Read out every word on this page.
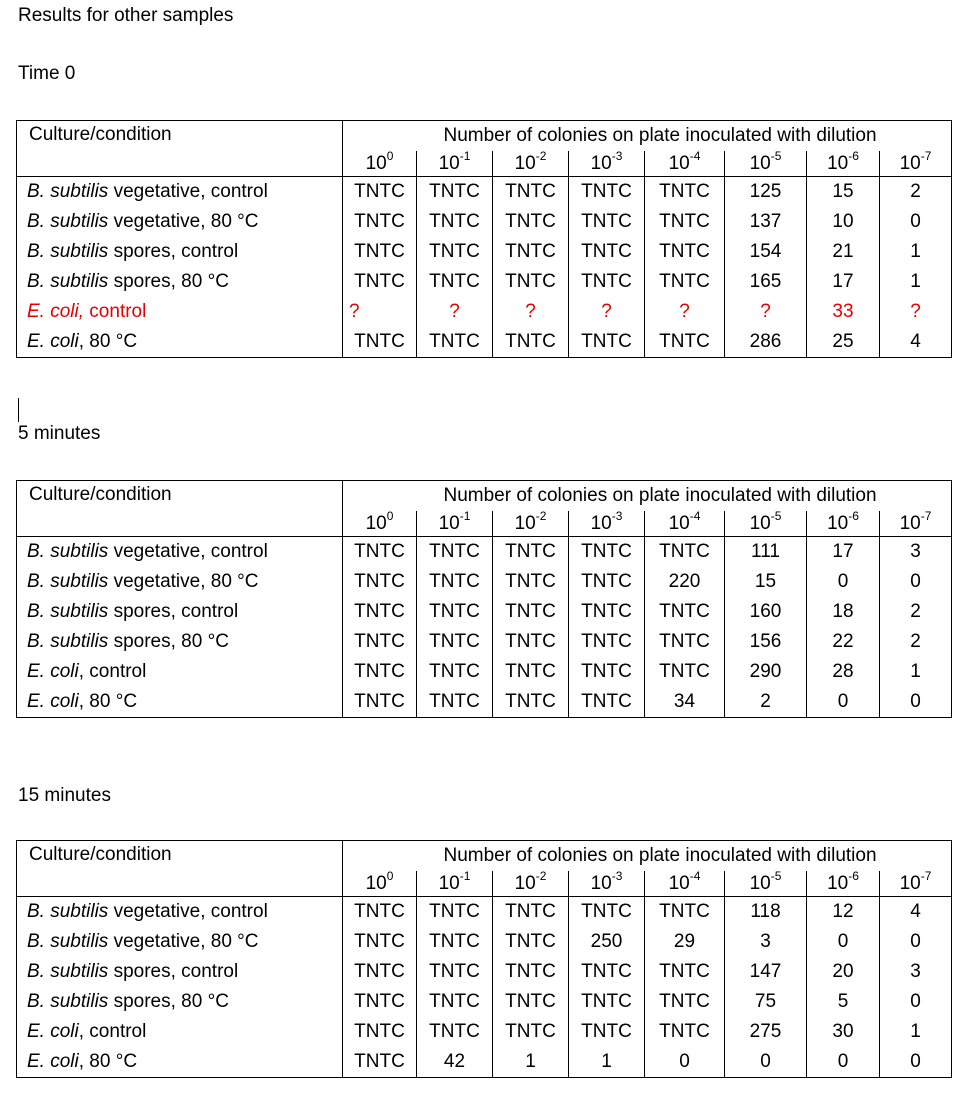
Results for other samples
Time 0
Culture/condition	Number of colonies on plate inoculated with dilution							
	$10^0$	$10^{-1}$	$10^{-2}$	$10^{-3}$	$10^{-4}$	$10^{-5}$	$10^{-6}$	$10^{-7}$
B. subtilis vegetative, control	TNTC	TNTC	TNTC	TNTC	TNTC	125	15	2
B. subtilis vegetative, 80 °C	TNTC	TNTC	TNTC	TNTC	TNTC	137	10	0
B. subtilis spores, control	TNTC	TNTC	TNTC	TNTC	TNTC	154	21	1
B. subtilis spores, 80 °C	TNTC	TNTC	TNTC	TNTC	TNTC	165	17	1
E. coli, control	?	?	?	?	?	?	33	?
E. coli, 80 °C	TNTC	TNTC	TNTC	TNTC	TNTC	286	25	4
5 minutes
Culture/condition	Number of colonies on plate inoculated with dilution							
	$10^0$	$10^{-1}$	$10^{-2}$	$10^{-3}$	$10^{-4}$	$10^{-5}$	$10^{-6}$	$10^{-7}$
B. subtilis vegetative, control	TNTC	TNTC	TNTC	TNTC	TNTC	111	17	3
B. subtilis vegetative, 80 °C	TNTC	TNTC	TNTC	TNTC	220	15	0	0
B. subtilis spores, control	TNTC	TNTC	TNTC	TNTC	TNTC	160	18	2
B. subtilis spores, 80 °C	TNTC	TNTC	TNTC	TNTC	TNTC	156	22	2
E. coli, control	TNTC	TNTC	TNTC	TNTC	TNTC	290	28	1
E. coli, 80 °C	TNTC	TNTC	TNTC	TNTC	34	2	0	0
15 minutes
Culture/condition	Number of colonies on plate inoculated with dilution							
	$10^0$	$10^{-1}$	$10^{-2}$	$10^{-3}$	$10^{-4}$	$10^{-5}$	$10^{-6}$	$10^{-7}$
B. subtilis vegetative, control	TNTC	TNTC	TNTC	TNTC	TNTC	118	12	4
B. subtilis vegetative, 80 °C	TNTC	TNTC	TNTC	250	29	3	0	0
B. subtilis spores, control	TNTC	TNTC	TNTC	TNTC	TNTC	147	20	3
B. subtilis spores, 80 °C	TNTC	TNTC	TNTC	TNTC	TNTC	75	5	0
E. coli, control	TNTC	TNTC	TNTC	TNTC	TNTC	275	30	1
E. coli, 80 °C	TNTC	42	1	1	0	0	0	0
